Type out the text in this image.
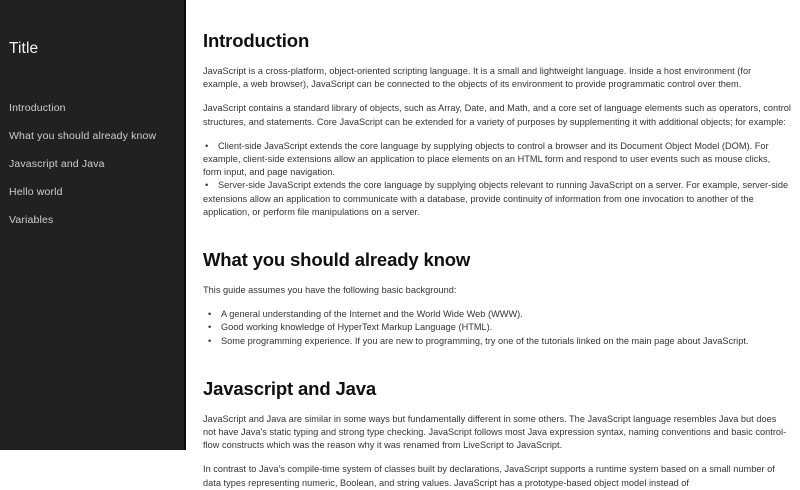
Title
Introduction
What you should already know
Javascript and Java
Hello world
Variables
Introduction

JavaScript is a cross-platform, object-oriented scripting language. It is a small and lightweight language. Inside a host environment (for example, a web browser), JavaScript can be connected to the objects of its environment to provide programmatic control over them.

JavaScript contains a standard library of objects, such as Array, Date, and Math, and a core set of language elements such as operators, control structures, and statements. Core JavaScript can be extended for a variety of purposes by supplementing it with additional objects; for example:

• Client-side JavaScript extends the core language by supplying objects to control a browser and its Document Object Model (DOM). For example, client-side extensions allow an application to place elements on an HTML form and respond to user events such as mouse clicks, form input, and page navigation.
• Server-side JavaScript extends the core language by supplying objects relevant to running JavaScript on a server. For example, server-side extensions allow an application to communicate with a database, provide continuity of information from one invocation to another of the application, or perform file manipulations on a server.
What you should already know

This guide assumes you have the following basic background:

• A general understanding of the Internet and the World Wide Web (WWW).
• Good working knowledge of HyperText Markup Language (HTML).
• Some programming experience. If you are new to programming, try one of the tutorials linked on the main page about JavaScript.
Javascript and Java

JavaScript and Java are similar in some ways but fundamentally different in some others. The JavaScript language resembles Java but does not have Java's static typing and strong type checking. JavaScript follows most Java expression syntax, naming conventions and basic control-flow constructs which was the reason why it was renamed from LiveScript to JavaScript.

In contrast to Java's compile-time system of classes built by declarations, JavaScript supports a runtime system based on a small number of data types representing numeric, Boolean, and string values. JavaScript has a prototype-based object model instead of
